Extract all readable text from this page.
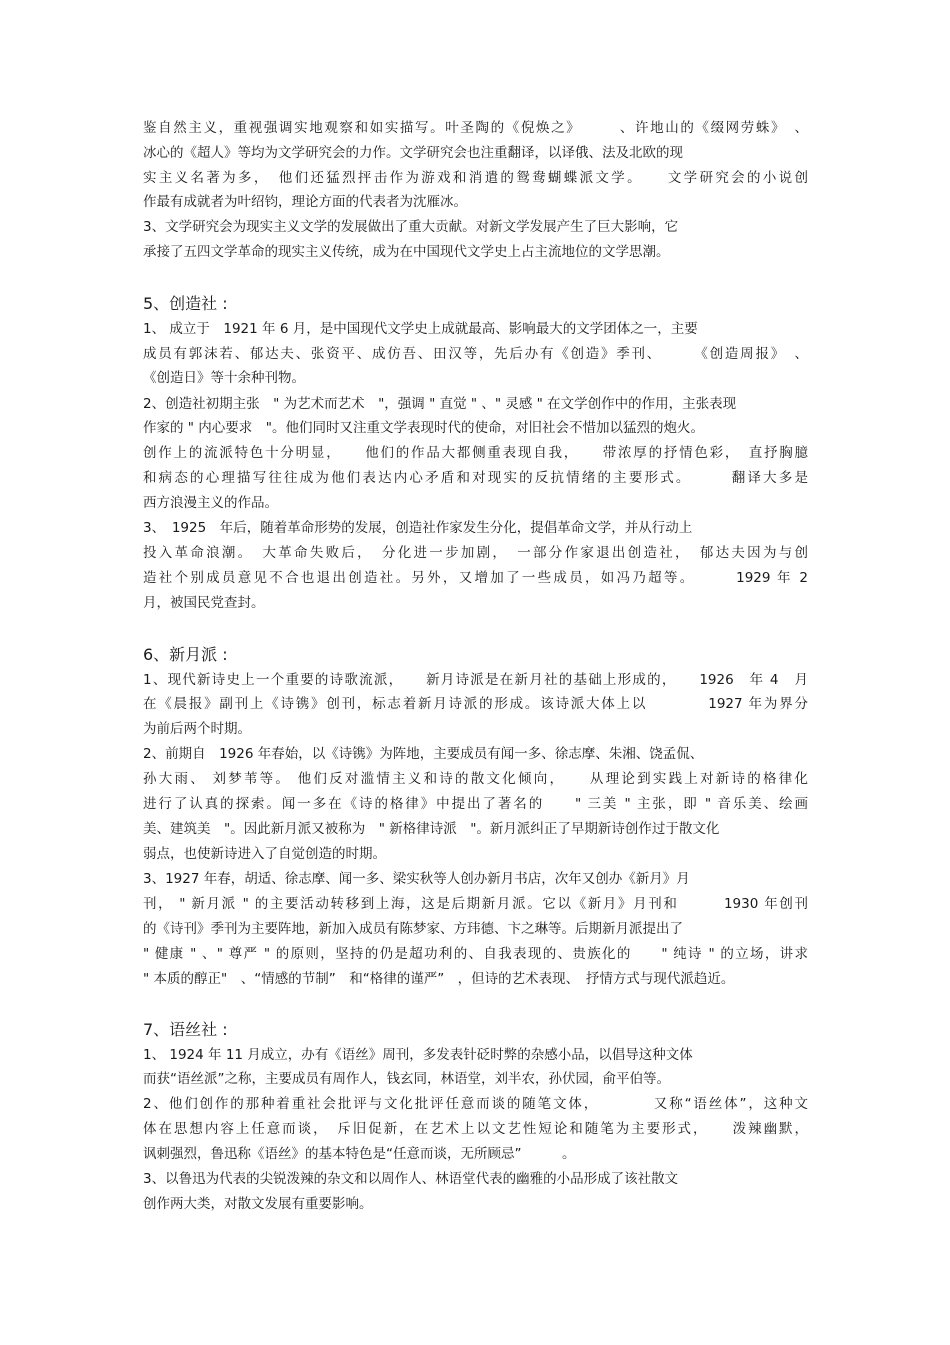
鉴自然主义，重视强调实地观察和如实描写。叶圣陶的《倪焕之》　　　、许地山的《缀网劳蛛》　、
冰心的《超人》等均为文学研究会的力作。文学研究会也注重翻译，以译俄、法及北欧的现
实主义名著为多，　他们还猛烈抨击作为游戏和消遣的鸳鸯蝴蝶派文学。　　文学研究会的小说创
作最有成就者为叶绍钧，理论方面的代表者为沈雁冰。
3、文学研究会为现实主义文学的发展做出了重大贡献。对新文学发展产生了巨大影响，它
承接了五四文学革命的现实主义传统，成为在中国现代文学史上占主流地位的文学思潮。
5、创造社 :
1、 成立于　1921 年 6 月，是中国现代文学史上成就最高、影响最大的文学团体之一，主要
成员有郭沫若、郁达夫、张资平、成仿吾、田汉等，先后办有《创造》季刊、　　　《创造周报》　、
《创造日》等十余种刊物。
2、创造社初期主张　" 为艺术而艺术　"，强调 " 直觉 " 、" 灵感 " 在文学创作中的作用，主张表现
作家的 " 内心要求　"。他们同时又注重文学表现时代的使命，对旧社会不惜加以猛烈的炮火。
创作上的流派特色十分明显，　　他们的作品大都侧重表现自我，　　带浓厚的抒情色彩，　直抒胸臆
和病态的心理描写往往成为他们表达内心矛盾和对现实的反抗情绪的主要形式。　　　翻译大多是
西方浪漫主义的作品。
3、　1925　年后，随着革命形势的发展，创造社作家发生分化，提倡革命文学，并从行动上
投入革命浪潮。　大革命失败后，　分化进一步加剧，　一部分作家退出创造社，　郁达夫因为与创
造社个别成员意见不合也退出创造社。另外，又增加了一些成员，如冯乃超等。　　　1929 年 2
月，被国民党查封。
6、新月派 :
1、现代新诗史上一个重要的诗歌流派，　　新月诗派是在新月社的基础上形成的，　　1926　年 4　月
在《晨报》副刊上《诗镌》创刊，标志着新月诗派的形成。该诗派大体上以　　　　1927 年为界分
为前后两个时期。
2、前期自　1926 年春始，以《诗镌》为阵地，主要成员有闻一多、徐志摩、朱湘、饶孟侃、
孙大雨、 刘梦苇等。 他们反对滥情主义和诗的散文化倾向，　　从理论到实践上对新诗的格律化
进行了认真的探索。闻一多在《诗的格律》中提出了著名的　　" 三美 " 主张，即 " 音乐美、绘画
美、建筑美　"。因此新月派又被称为　" 新格律诗派　"。新月派纠正了早期新诗创作过于散文化
弱点，也使新诗进入了自觉创造的时期。
3、1927 年春，胡适、徐志摩、闻一多、梁实秋等人创办新月书店，次年又创办《新月》月
刊， " 新月派 " 的主要活动转移到上海，这是后期新月派。它以《新月》月刊和　　　1930 年创刊
的《诗刊》季刊为主要阵地，新加入成员有陈梦家、方玮德、卞之琳等。后期新月派提出了
" 健康 " 、" 尊严 " 的原则，坚持的仍是超功利的、自我表现的、贵族化的　　" 纯诗 " 的立场，讲求
" 本质的醇正"　、“情感的节制”　和“格律的谨严”　，但诗的艺术表现、　抒情方式与现代派趋近。
7、语丝社 :
1、 1924 年 11 月成立，办有《语丝》周刊，多发表针砭时弊的杂感小品，以倡导这种文体
而获“语丝派”之称，主要成员有周作人，钱玄同，林语堂，刘半农，孙伏园，俞平伯等。
2、他们创作的那种着重社会批评与文化批评任意而谈的随笔文体，　　　　又称“语丝体”，这种文
体在思想内容上任意而谈，　斥旧促新，在艺术上以文艺性短论和随笔为主要形式，　　泼辣幽默，
讽刺强烈，鲁迅称《语丝》的基本特色是“任意而谈，无所顾忌”　　　。
3、以鲁迅为代表的尖锐泼辣的杂文和以周作人、林语堂代表的幽雅的小品形成了该社散文
创作两大类，对散文发展有重要影响。
